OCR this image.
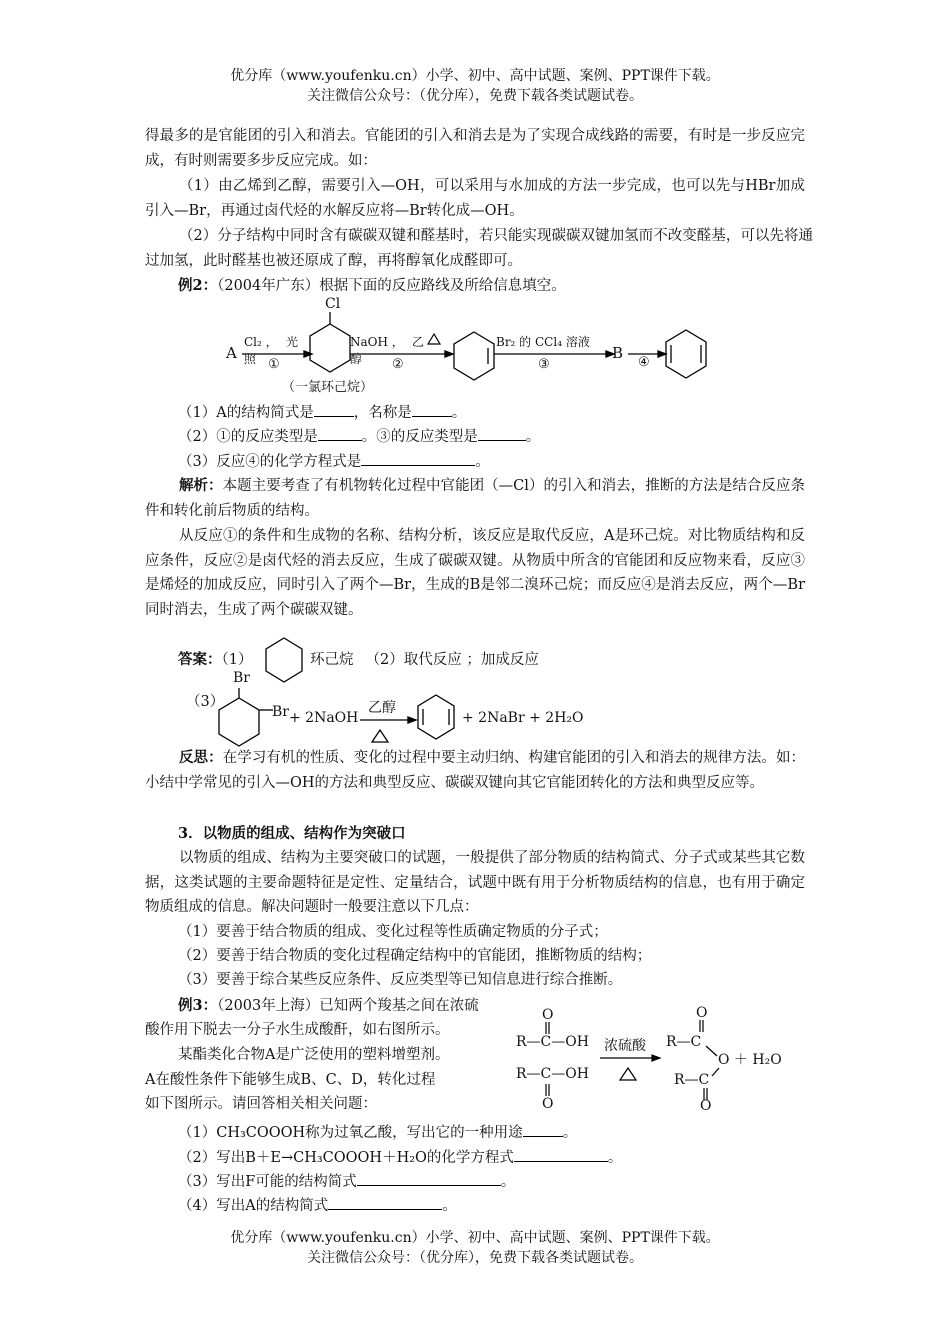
优分库（www.youfenku.cn）小学、初中、高中试题、案例、PPT课件下载。
关注微信公众号：（优分库），免费下载各类试题试卷。
得最多的是官能团的引入和消去。官能团的引入和消去是为了实现合成线路的需要，有时是一步反应完成，有时则需要多步反应完成。如：
（1）由乙烯到乙醇，需要引入—OH，可以采用与水加成的方法一步完成，也可以先与HBr加成引入—Br，再通过卤代烃的水解反应将—Br转化成—OH。
（2）分子结构中同时含有碳碳双键和醛基时，若只能实现碳碳双键加氢而不改变醛基，可以先将通过加氢，此时醛基也被还原成了醇，再将醇氧化成醛即可。
例2：（2004年广东）根据下面的反应路线及所给信息填空。
A
Cl₂ ， 光
照 ①
Cl
NaOH ， 乙
醇 ②
Br₂ 的 CCl₄ 溶液
③
B
④
（一氯环己烷）
（1）A的结构简式是	，名称是	。
（2）①的反应类型是	。③的反应类型是	。
（3）反应④的化学方程式是	。
解析：本题主要考查了有机物转化过程中官能团（—Cl）的引入和消去，推断的方法是结合反应条件和转化前后物质的结构。
从反应①的条件和生成物的名称、结构分析，该反应是取代反应，A是环己烷。对比物质结构和反应条件，反应②是卤代烃的消去反应，生成了碳碳双键。从物质中所含的官能团和反应物来看，反应③是烯烃的加成反应，同时引入了两个—Br，生成的B是邻二溴环己烷；而反应④是消去反应，两个—Br同时消去，生成了两个碳碳双键。
答案：（1）	环己烷 （2）取代反应 ；加成反应
（3）
Br
Br + 2NaOH
乙醇
+ 2NaBr + 2H₂O
反思：在学习有机的性质、变化的过程中要主动归纳、构建官能团的引入和消去的规律方法。如：小结中学常见的引入—OH的方法和典型反应、碳碳双键向其它官能团转化的方法和典型反应等。
3．以物质的组成、结构作为突破口
以物质的组成、结构为主要突破口的试题，一般提供了部分物质的结构简式、分子式或某些其它数据，这类试题的主要命题特征是定性、定量结合，试题中既有用于分析物质结构的信息，也有用于确定物质组成的信息。解决问题时一般要注意以下几点：
（1）要善于结合物质的组成、变化过程等性质确定物质的分子式；
（2）要善于结合物质的变化过程确定结构中的官能团，推断物质的结构；
（3）要善于综合某些反应条件、反应类型等已知信息进行综合推断。
例3：（2003年上海）已知两个羧基之间在浓硫
酸作用下脱去一分子水生成酸酐，如右图所示。
某酯类化合物A是广泛使用的塑料增塑剂。
A在酸性条件下能够生成B、C、D，转化过程
如下图所示。请回答相关相关问题：
O
R—C—OH
R—C—OH
O
浓硫酸
O
R—C
O ＋ H₂O
R—C
O
（1）CH₃COOOH称为过氧乙酸，写出它的一种用途	。
（2）写出B＋E→CH₃COOOH＋H₂O的化学方程式	。
（3）写出F可能的结构简式	。
（4）写出A的结构简式	。
优分库（www.youfenku.cn）小学、初中、高中试题、案例、PPT课件下载。
关注微信公众号：（优分库），免费下载各类试题试卷。
